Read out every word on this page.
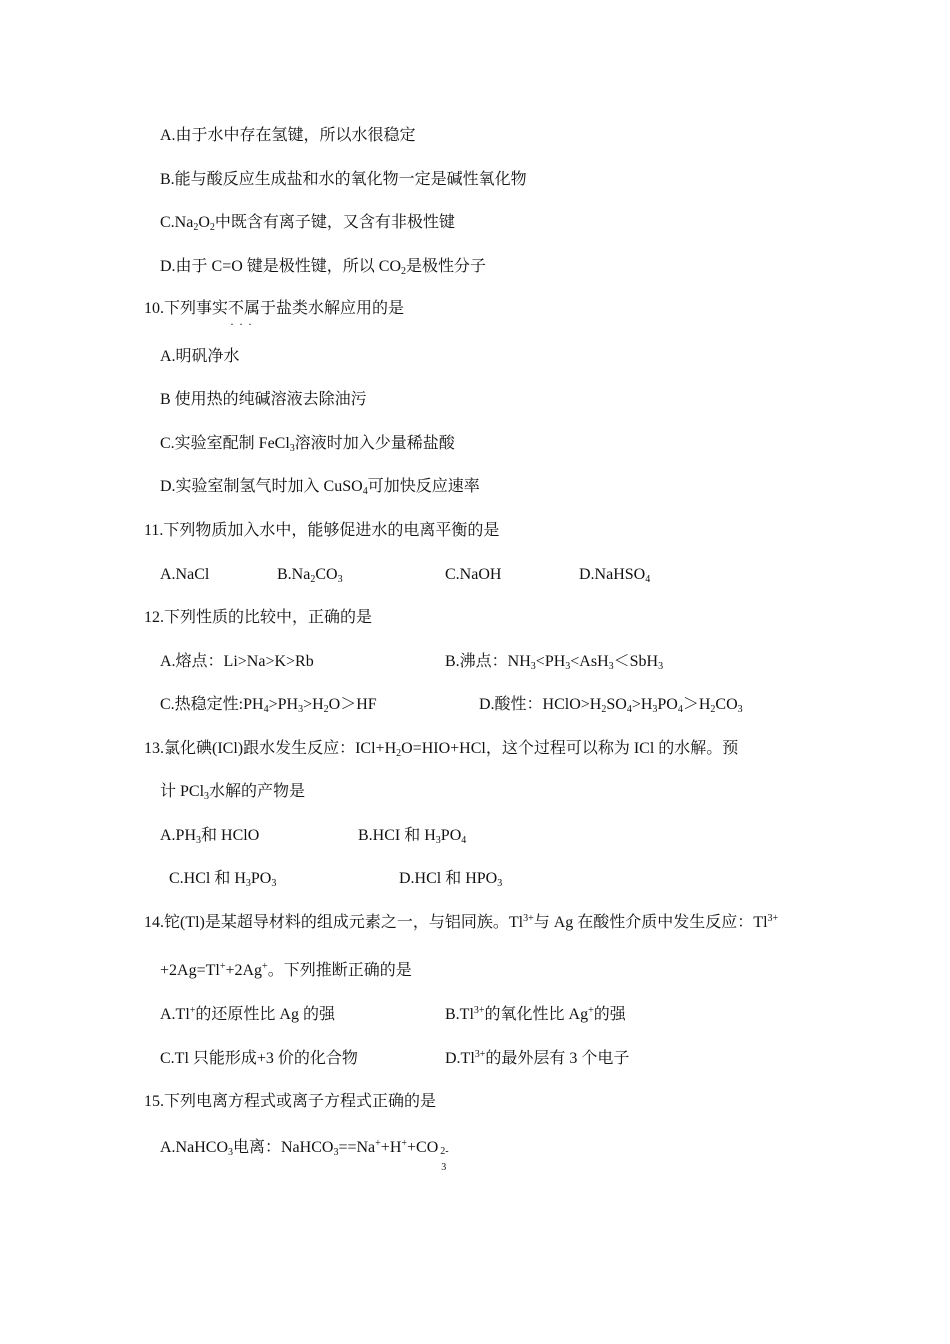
A.由于水中存在氢键，所以水很稳定
B.能与酸反应生成盐和水的氧化物一定是碱性氧化物
$C.Na_2O_2$中既含有离子键，又含有非极性键
D.由于 C=O 键是极性键，所以 $CO_2$是极性分子
10.下列事实不属于 · · ·盐类水解应用的是
A.明矾净水
B 使用热的纯碱溶液去除油污
C.实验室配制 FeCl$_3$溶液时加入少量稀盐酸
D.实验室制氢气时加入 CuSO$_4$可加快反应速率
11.下列物质加入水中，能够促进水的电离平衡的是
A.NaCl	$B.Na_2CO_3$	C.NaOH	D.NaHSO$_4$
12.下列性质的比较中，正确的是
A.熔点：Li>Na>K>Rb	B.沸点：$NH_3<PH_3<AsH_3<SbH_3$
C.热稳定性$:PH_4>PH_3>H_2O>HF$	D.酸性：$HClO>H_2SO_4>H_3PO_4>H_2CO_3$
13.氯化碘(ICl)跟水发生反应：$ICl+H_2O=HIO+HCl$，这个过程可以称为 ICl 的水解。预
计 PCl$_3$水解的产物是
$A.PH_3$和 HClO	B.HCI 和 $H_3PO_4$
C.HCl 和 $H_3PO_3$	D.HCl 和 $HPO_3$
14.铊(Tl)是某超导材料的组成元素之一，与铝同族。$Tl^{3+}$与 Ag 在酸性介质中发生反应：$Tl^{3+}$
+2Ag=Tl++2Ag+。下列推断正确的是
A.Tl+的还原性比 Ag 的强	$B.Tl^{3+}$的氧化性比 Ag+的强
C.Tl 只能形成+3 价的化合物	$D.Tl^{3+}$的最外层有 3 个电子
15.下列电离方程式或离子方程式正确的是
A.NaHCO$_3$电离：NaHCO$_3$==Na++H++CO 2-
3
